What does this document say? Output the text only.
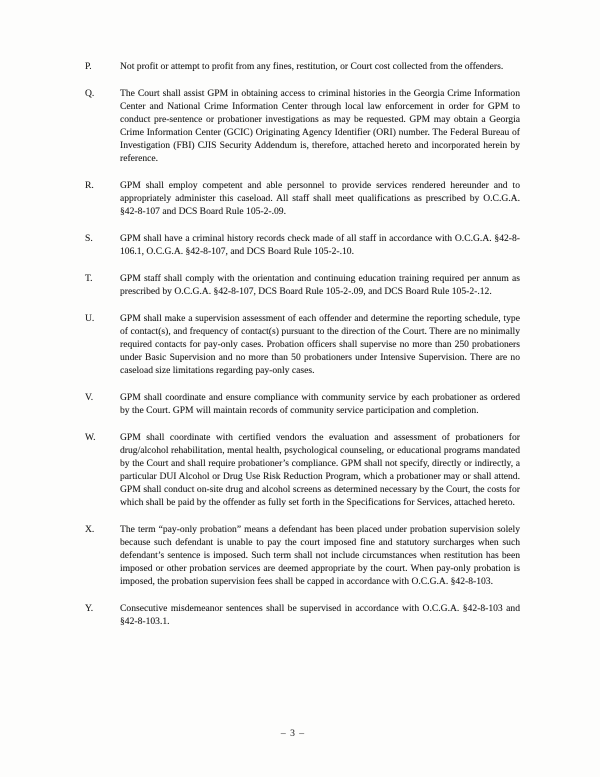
P.	Not profit or attempt to profit from any fines, restitution, or Court cost collected from the offenders.

Q.	The Court shall assist GPM in obtaining access to criminal histories in the Georgia Crime Information Center and National Crime Information Center through local law enforcement in order for GPM to conduct pre-sentence or probationer investigations as may be requested. GPM may obtain a Georgia Crime Information Center (GCIC) Originating Agency Identifier (ORI) number. The Federal Bureau of Investigation (FBI) CJIS Security Addendum is, therefore, attached hereto and incorporated herein by reference.

R.	GPM shall employ competent and able personnel to provide services rendered hereunder and to appropriately administer this caseload. All staff shall meet qualifications as prescribed by O.C.G.A. §42-8-107 and DCS Board Rule 105-2-.09.

S.	GPM shall have a criminal history records check made of all staff in accordance with O.C.G.A. §42-8-106.1, O.C.G.A. §42-8-107, and DCS Board Rule 105-2-.10.

T.	GPM staff shall comply with the orientation and continuing education training required per annum as prescribed by O.C.G.A. §42-8-107, DCS Board Rule 105-2-.09, and DCS Board Rule 105-2-.12.

U.	GPM shall make a supervision assessment of each offender and determine the reporting schedule, type of contact(s), and frequency of contact(s) pursuant to the direction of the Court. There are no minimally required contacts for pay-only cases. Probation officers shall supervise no more than 250 probationers under Basic Supervision and no more than 50 probationers under Intensive Supervision. There are no caseload size limitations regarding pay-only cases.

V.	GPM shall coordinate and ensure compliance with community service by each probationer as ordered by the Court. GPM will maintain records of community service participation and completion.

W.	GPM shall coordinate with certified vendors the evaluation and assessment of probationers for drug/alcohol rehabilitation, mental health, psychological counseling, or educational programs mandated by the Court and shall require probationer’s compliance. GPM shall not specify, directly or indirectly, a particular DUI Alcohol or Drug Use Risk Reduction Program, which a probationer may or shall attend. GPM shall conduct on-site drug and alcohol screens as determined necessary by the Court, the costs for which shall be paid by the offender as fully set forth in the Specifications for Services, attached hereto.

X.	The term “pay-only probation” means a defendant has been placed under probation supervision solely because such defendant is unable to pay the court imposed fine and statutory surcharges when such defendant’s sentence is imposed. Such term shall not include circumstances when restitution has been imposed or other probation services are deemed appropriate by the court. When pay-only probation is imposed, the probation supervision fees shall be capped in accordance with O.C.G.A. §42-8-103.

Y.	Consecutive misdemeanor sentences shall be supervised in accordance with O.C.G.A. §42-8-103 and §42-8-103.1.

– 3 –
